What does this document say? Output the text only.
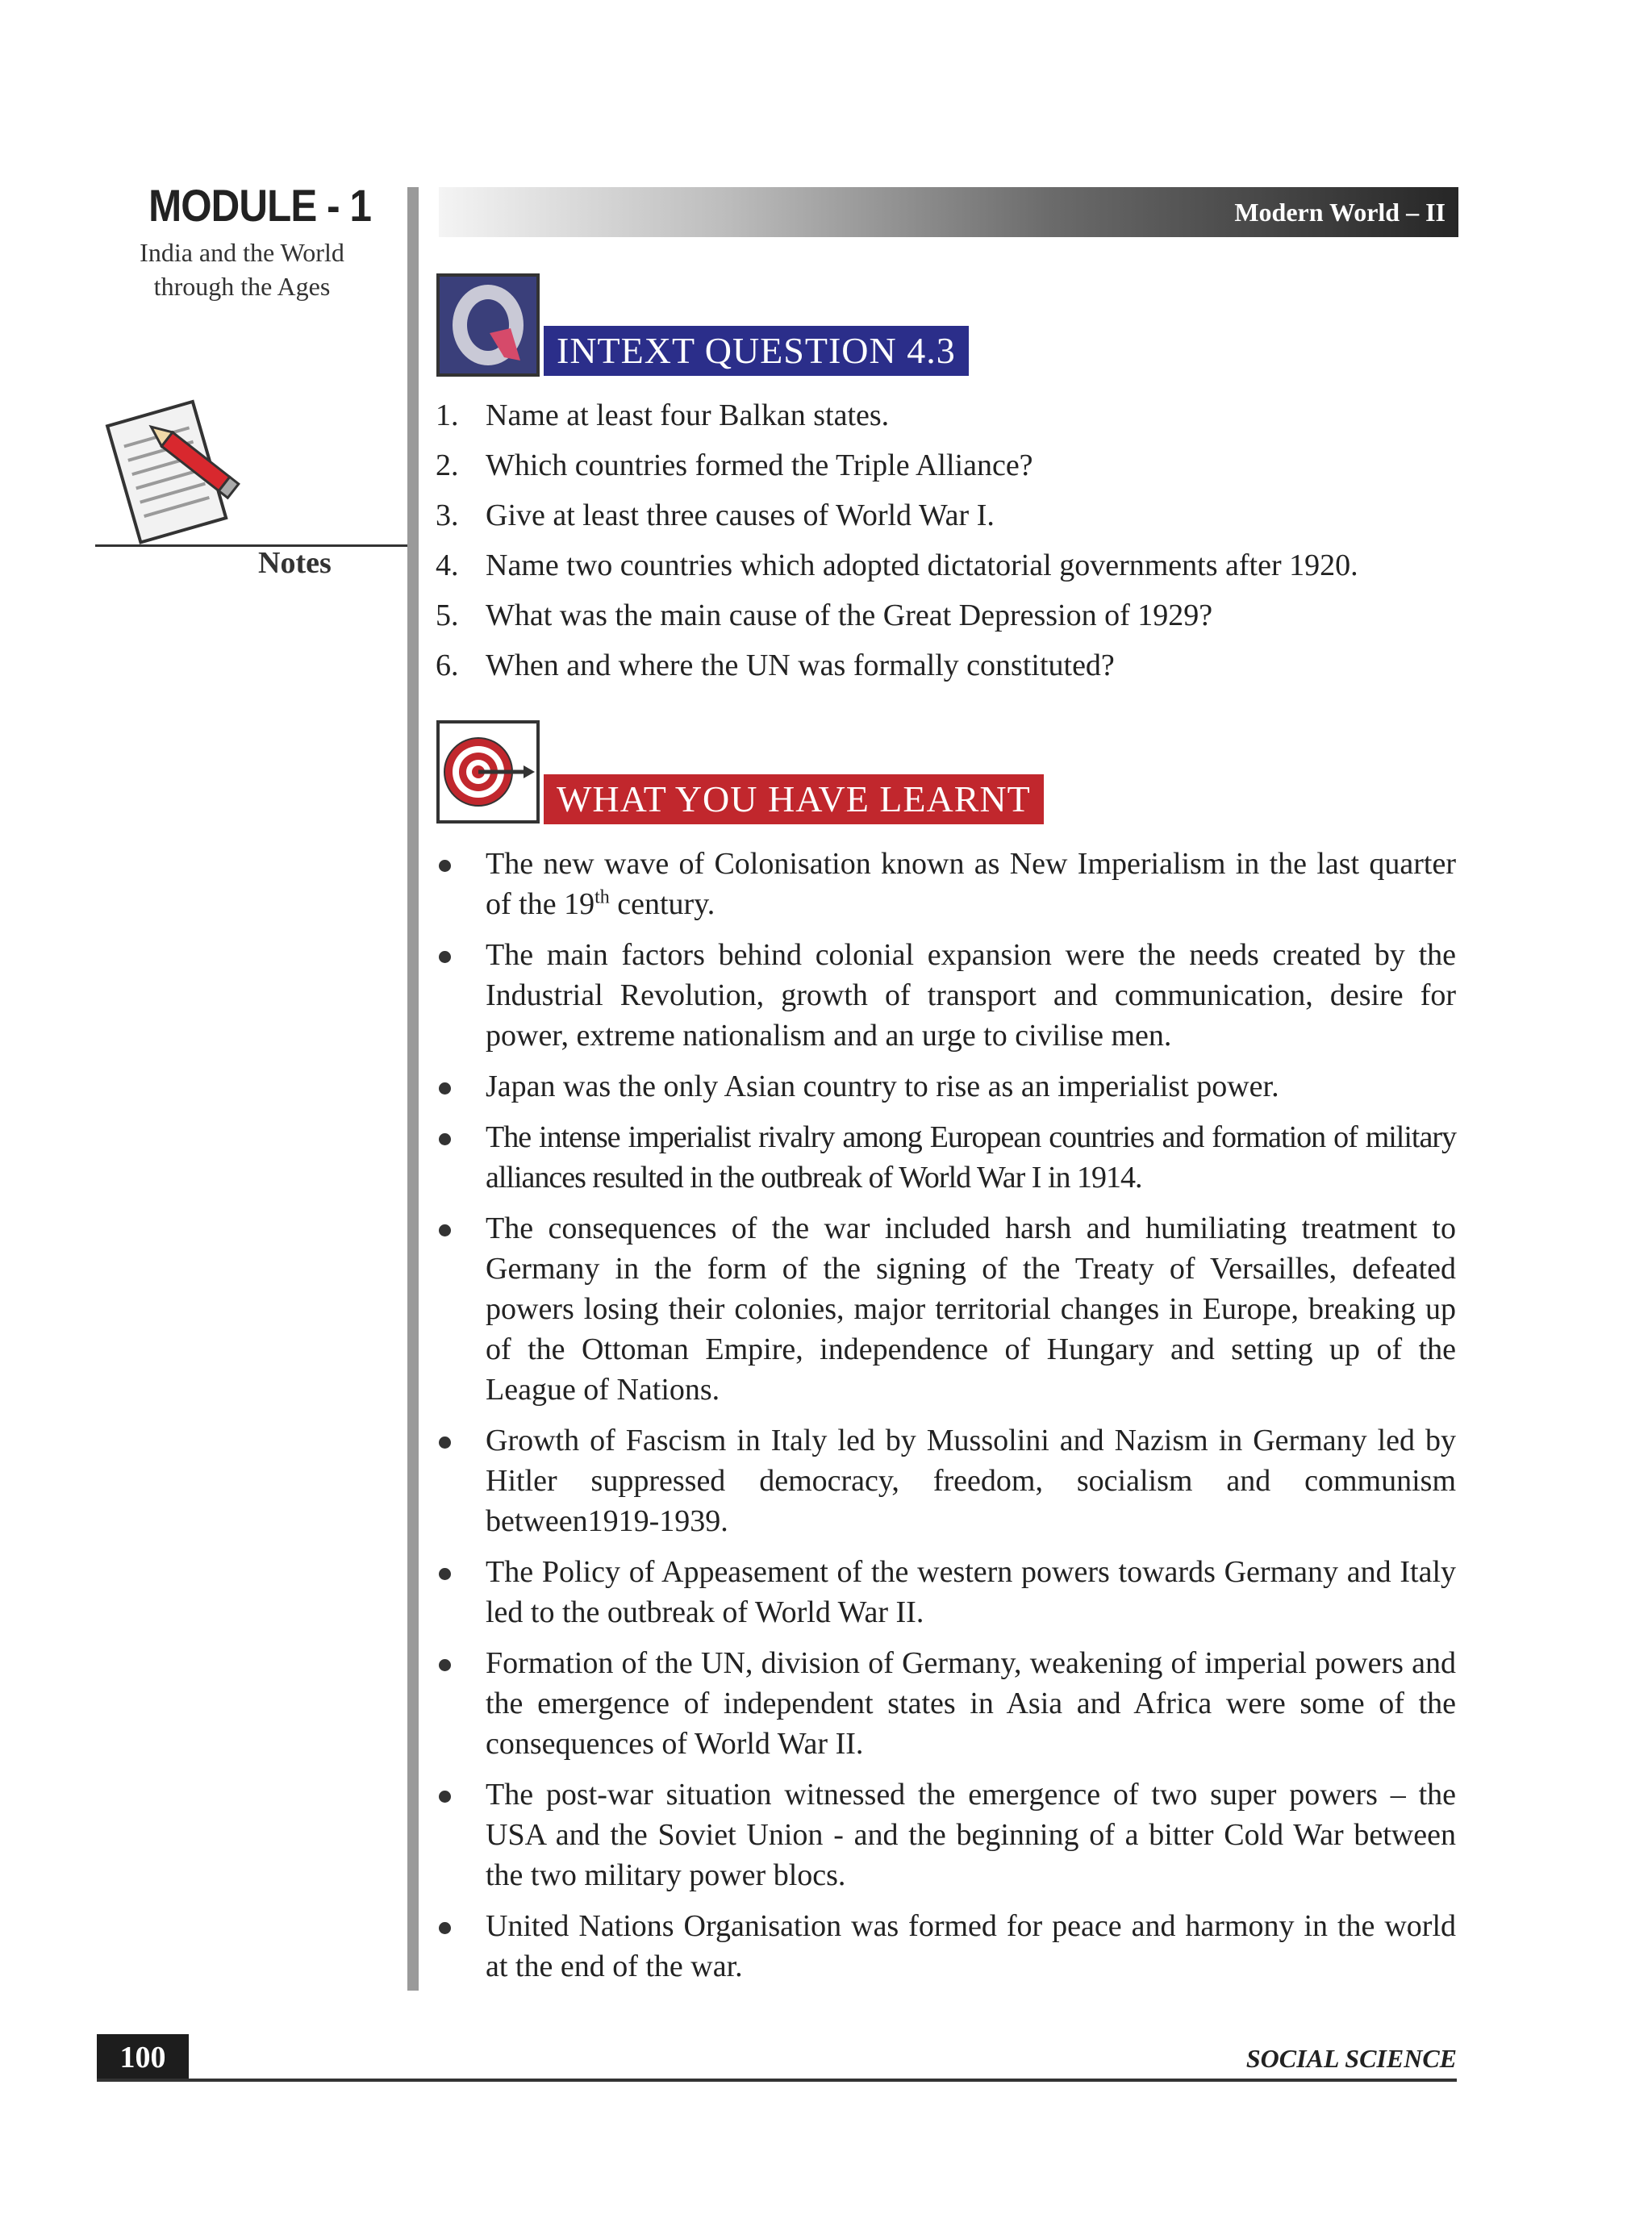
MODULE - 1
India and the World
through the Ages
Notes
Modern World – II
INTEXT QUESTION 4.3
1. Name at least four Balkan states.
2. Which countries formed the Triple Alliance?
3. Give at least three causes of World War I.
4. Name two countries which adopted dictatorial governments after 1920.
5. What was the main cause of the Great Depression of 1929?
6. When and where the UN was formally constituted?
WHAT YOU HAVE LEARNT
The new wave of Colonisation known as New Imperialism in the last quarter of the 19th century.
The main factors behind colonial expansion were the needs created by the Industrial Revolution, growth of transport and communication, desire for power, extreme nationalism and an urge to civilise men.
Japan was the only Asian country to rise as an imperialist power.
The intense imperialist rivalry among European countries and formation of military alliances resulted in the outbreak of World War I in 1914.
The consequences of the war included harsh and humiliating treatment to Germany in the form of the signing of the Treaty of Versailles, defeated powers losing their colonies, major territorial changes in Europe, breaking up of the Ottoman Empire, independence of Hungary and setting up of the League of Nations.
Growth of Fascism in Italy led by Mussolini and Nazism in Germany led by Hitler suppressed democracy, freedom, socialism and communism between1919-1939.
The Policy of Appeasement of the western powers towards Germany and Italy led to the outbreak of World War II.
Formation of the UN, division of Germany, weakening of imperial powers and the emergence of independent states in Asia and Africa were some of the consequences of World War II.
The post-war situation witnessed the emergence of two super powers – the USA and the Soviet Union - and the beginning of a bitter Cold War between the two military power blocs.
United Nations Organisation was formed for peace and harmony in the world at the end of the war.
100	SOCIAL SCIENCE
